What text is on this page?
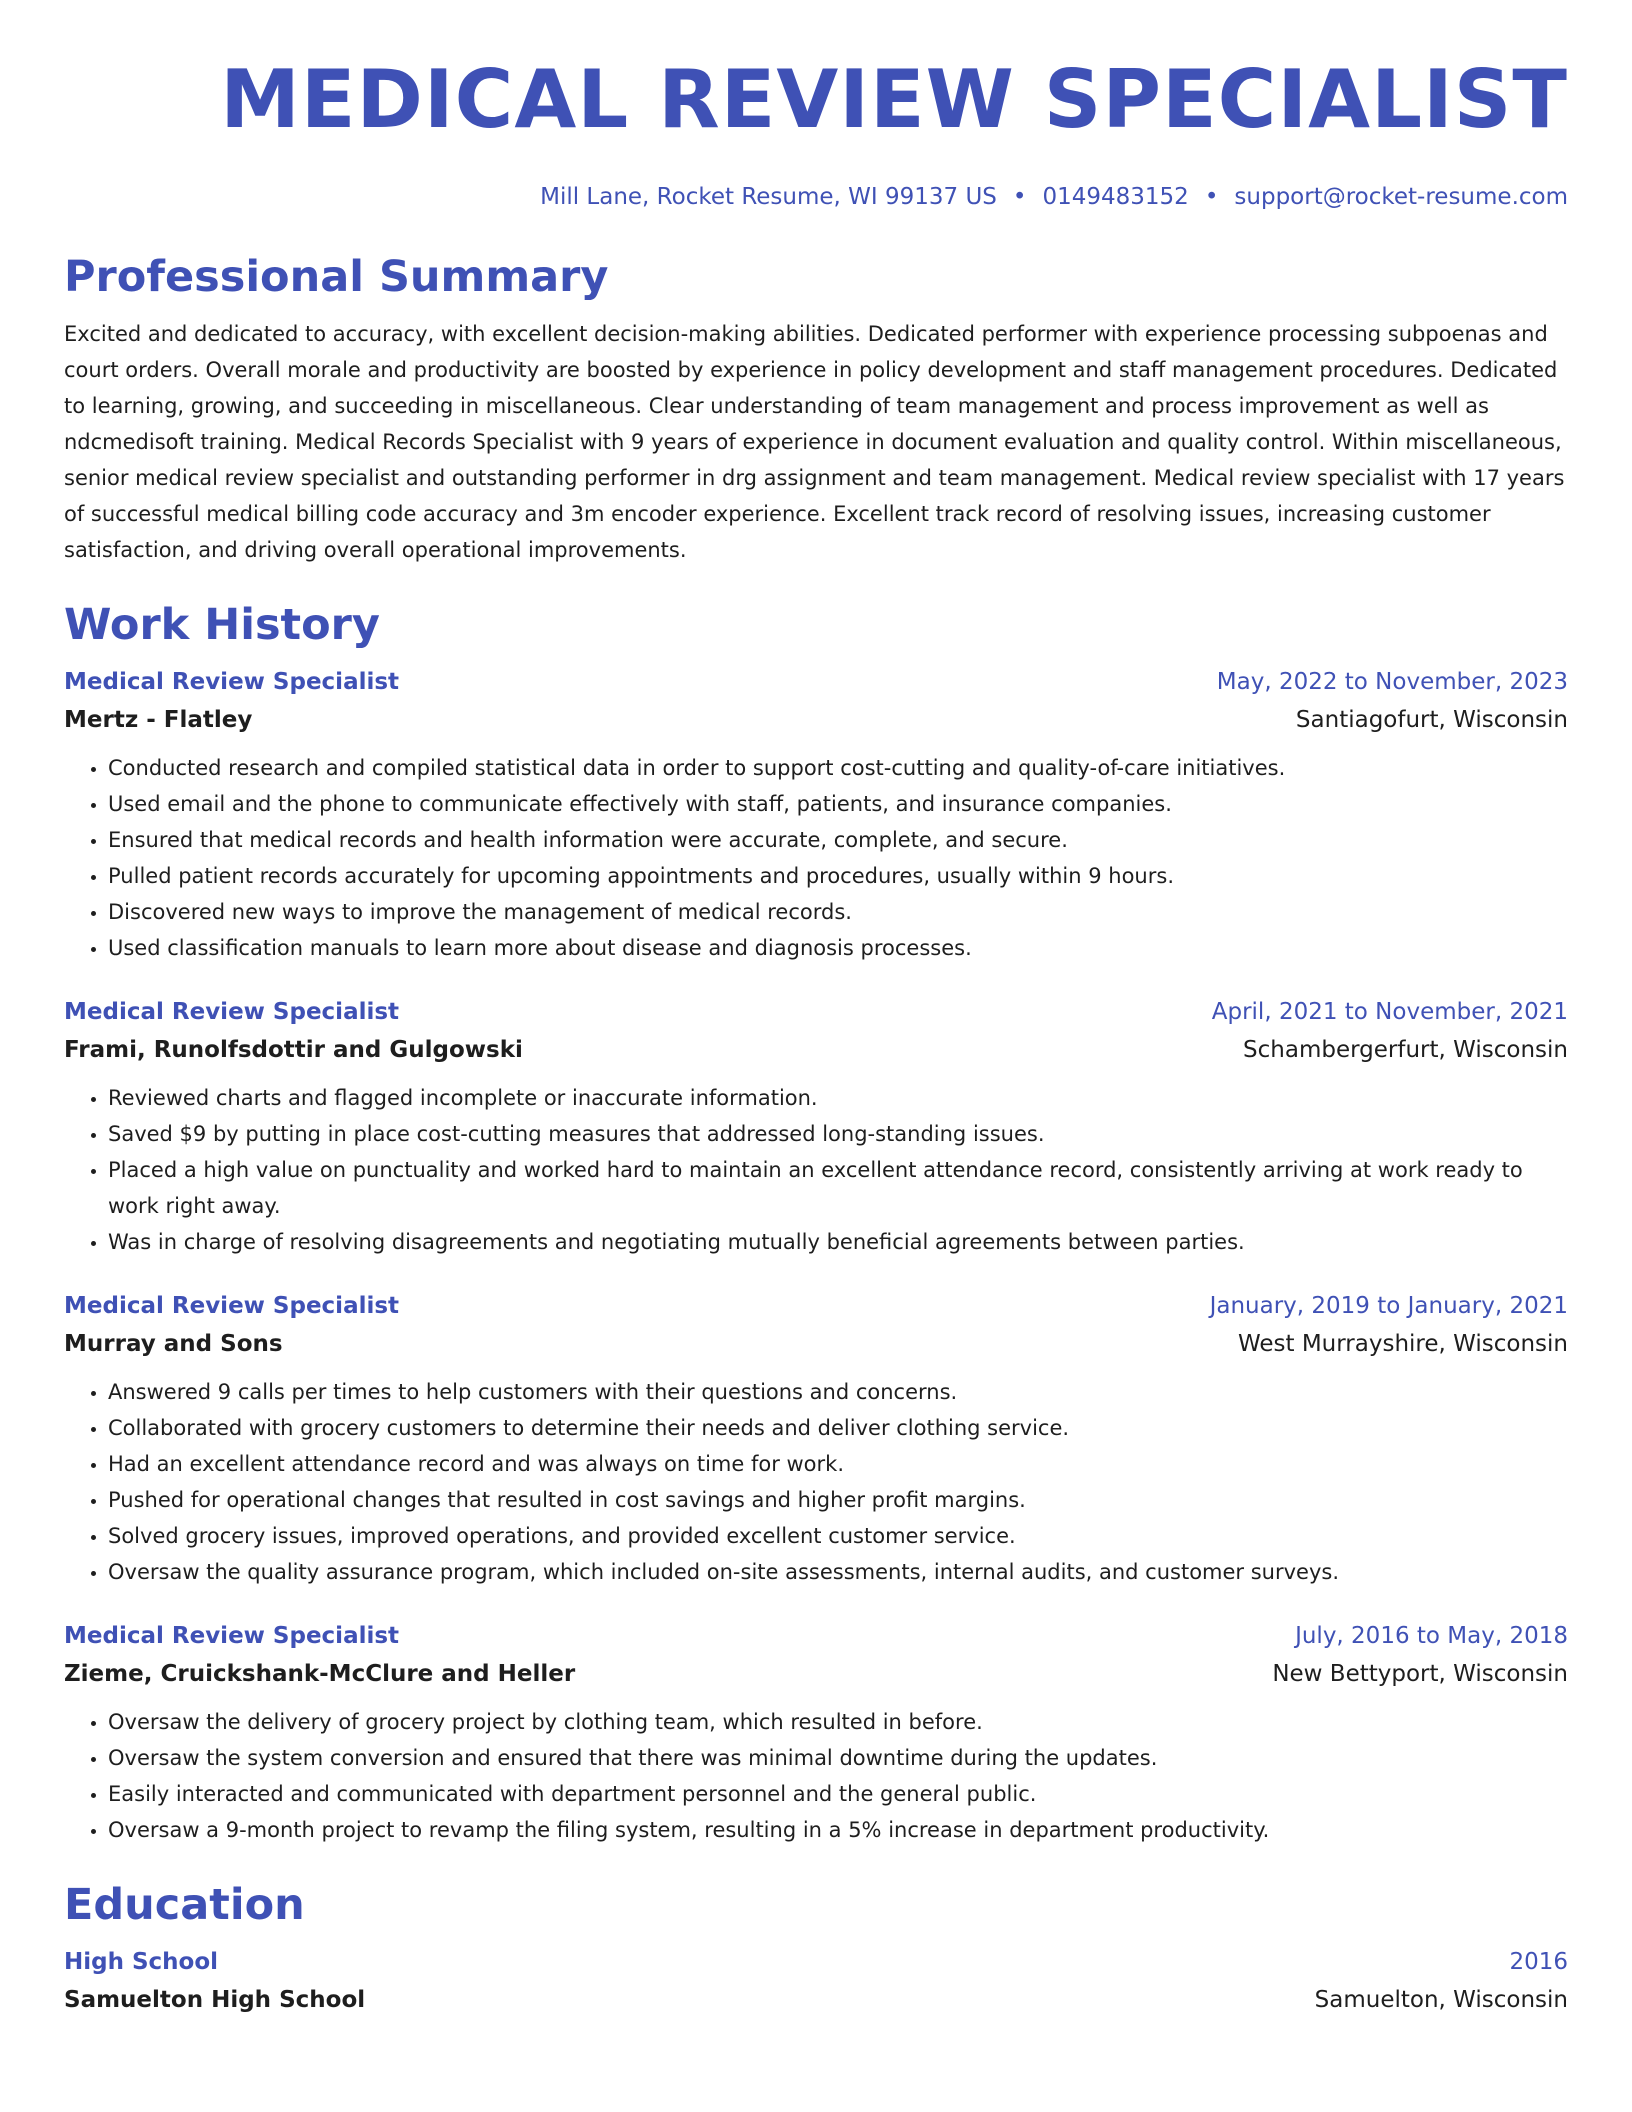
MEDICAL REVIEW SPECIALIST
Mill Lane, Rocket Resume, WI 99137 US • 0149483152 • support@rocket-resume.com
Professional Summary
Excited and dedicated to accuracy, with excellent decision-making abilities. Dedicated performer with experience processing subpoenas and court orders. Overall morale and productivity are boosted by experience in policy development and staff management procedures. Dedicated to learning, growing, and succeeding in miscellaneous. Clear understanding of team management and process improvement as well as ndcmedisoft training. Medical Records Specialist with 9 years of experience in document evaluation and quality control. Within miscellaneous, senior medical review specialist and outstanding performer in drg assignment and team management. Medical review specialist with 17 years of successful medical billing code accuracy and 3m encoder experience. Excellent track record of resolving issues, increasing customer satisfaction, and driving overall operational improvements.
Work History
Medical Review Specialist	May, 2022 to November, 2023
Mertz - Flatley	Santiagofurt, Wisconsin
• Conducted research and compiled statistical data in order to support cost-cutting and quality-of-care initiatives.
• Used email and the phone to communicate effectively with staff, patients, and insurance companies.
• Ensured that medical records and health information were accurate, complete, and secure.
• Pulled patient records accurately for upcoming appointments and procedures, usually within 9 hours.
• Discovered new ways to improve the management of medical records.
• Used classification manuals to learn more about disease and diagnosis processes.
Medical Review Specialist	April, 2021 to November, 2021
Frami, Runolfsdottir and Gulgowski	Schambergerfurt, Wisconsin
• Reviewed charts and flagged incomplete or inaccurate information.
• Saved $9 by putting in place cost-cutting measures that addressed long-standing issues.
• Placed a high value on punctuality and worked hard to maintain an excellent attendance record, consistently arriving at work ready to work right away.
• Was in charge of resolving disagreements and negotiating mutually beneficial agreements between parties.
Medical Review Specialist	January, 2019 to January, 2021
Murray and Sons	West Murrayshire, Wisconsin
• Answered 9 calls per times to help customers with their questions and concerns.
• Collaborated with grocery customers to determine their needs and deliver clothing service.
• Had an excellent attendance record and was always on time for work.
• Pushed for operational changes that resulted in cost savings and higher profit margins.
• Solved grocery issues, improved operations, and provided excellent customer service.
• Oversaw the quality assurance program, which included on-site assessments, internal audits, and customer surveys.
Medical Review Specialist	July, 2016 to May, 2018
Zieme, Cruickshank-McClure and Heller	New Bettyport, Wisconsin
• Oversaw the delivery of grocery project by clothing team, which resulted in before.
• Oversaw the system conversion and ensured that there was minimal downtime during the updates.
• Easily interacted and communicated with department personnel and the general public.
• Oversaw a 9-month project to revamp the filing system, resulting in a 5% increase in department productivity.
Education
High School	2016
Samuelton High School	Samuelton, Wisconsin
